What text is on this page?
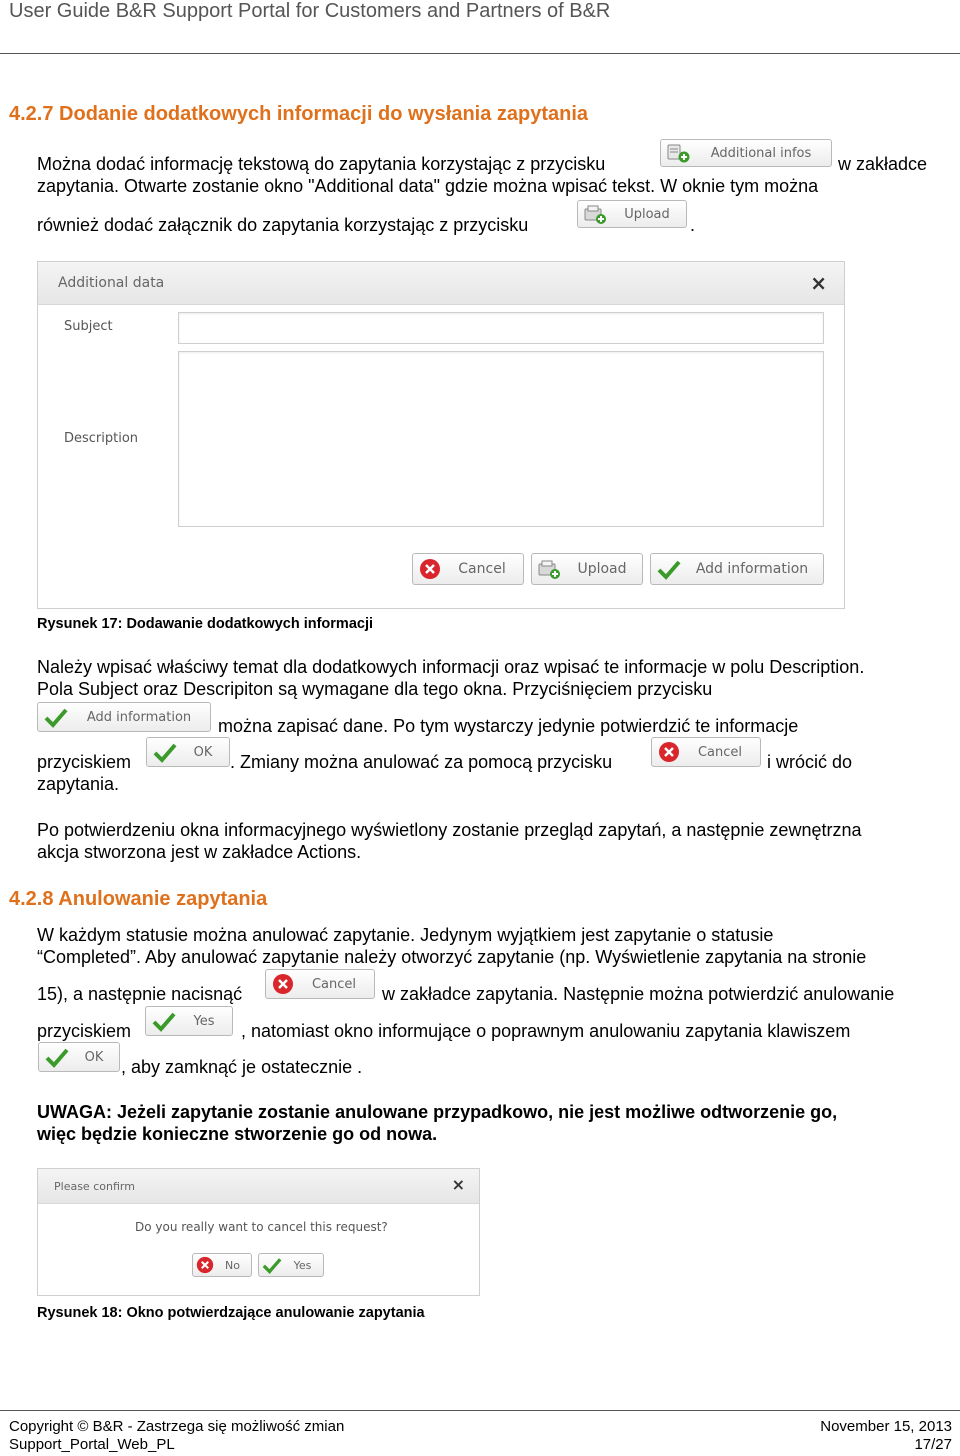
User Guide B&R Support Portal for Customers and Partners of B&R
4.2.7 Dodanie dodatkowych informacji do wysłania zapytania
Można dodać informację tekstową do zapytania korzystając z przycisku
Additional infos
w zakładce
zapytania. Otwarte zostanie okno "Additional data" gdzie można wpisać tekst. W oknie tym można
również dodać załącznik do zapytania korzystając z przycisku
Upload
.
Additional data	×
Subject
Description
Cancel	Upload	Add information
Rysunek 17: Dodawanie dodatkowych informacji
Należy wpisać właściwy temat dla dodatkowych informacji oraz wpisać te informacje w polu Description.
Pola Subject oraz Descripiton są wymagane dla tego okna. Przyciśnięciem przycisku
Add information	można zapisać dane. Po tym wystarczy jedynie potwierdzić te informacje
przyciskiem	OK . Zmiany można anulować za pomocą przycisku	Cancel	i wrócić do
zapytania.
Po potwierdzeniu okna informacyjnego wyświetlony zostanie przegląd zapytań, a następnie zewnętrzna
akcja stworzona jest w zakładce Actions.
4.2.8 Anulowanie zapytania
W każdym statusie można anulować zapytanie. Jedynym wyjątkiem jest zapytanie o statusie
“Completed”. Aby anulować zapytanie należy otworzyć zapytanie (np. Wyświetlenie zapytania na stronie
15), a następnie nacisnąć	Cancel	w zakładce zapytania. Następnie można potwierdzić anulowanie
przyciskiem	Yes	, natomiast okno informujące o poprawnym anulowaniu zapytania klawiszem
OK , aby zamknąć je ostatecznie .
UWAGA: Jeżeli zapytanie zostanie anulowane przypadkowo, nie jest możliwe odtworzenie go,
więc będzie konieczne stworzenie go od nowa.
Please confirm	×
Do you really want to cancel this request?
No	Yes
Rysunek 18: Okno potwierdzające anulowanie zapytania
Copyright © B&R - Zastrzega się możliwość zmian	November 15, 2013
Support_Portal_Web_PL	17/27
